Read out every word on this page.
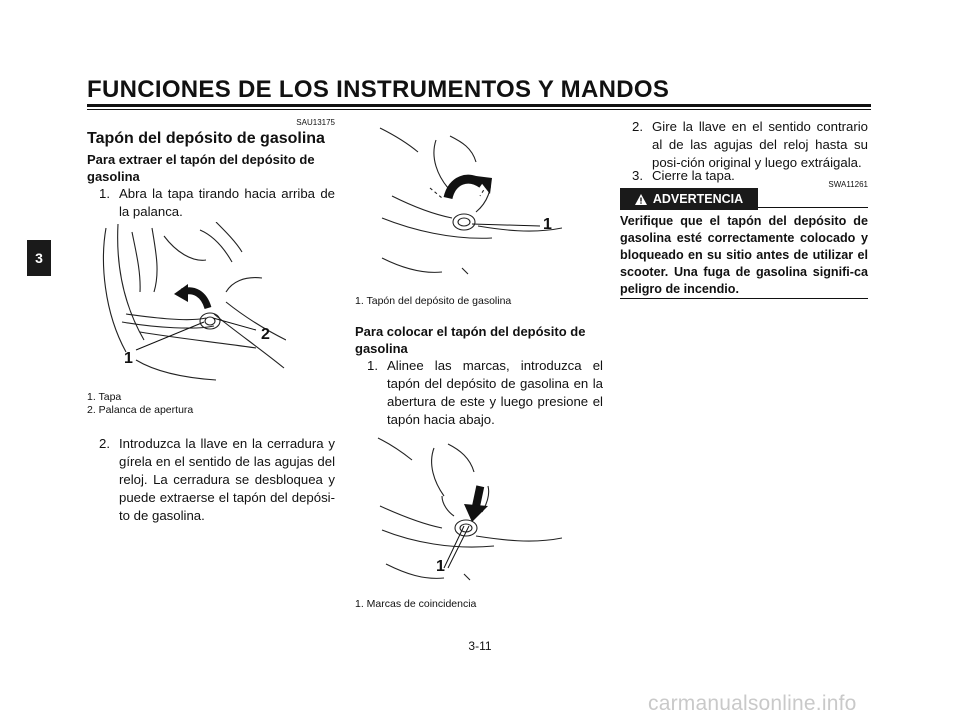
FUNCIONES DE LOS INSTRUMENTOS Y MANDOS
3
SAU13175
Tapón del depósito de gasolina
Para extraer el tapón del depósito de gasolina
1. Abra la tapa tirando hacia arriba de la palanca.
2
1
1. Tapa
2. Palanca de apertura
2. Introduzca la llave en la cerradura y gírela en el sentido de las agujas del reloj. La cerradura se desbloquea y puede extraerse el tapón del depósi-to de gasolina.
1
1. Tapón del depósito de gasolina
Para colocar el tapón del depósito de gasolina
1. Alinee las marcas, introduzca el tapón del depósito de gasolina en la abertura de este y luego presione el tapón hacia abajo.
1
1. Marcas de coincidencia
2. Gire la llave en el sentido contrario al de las agujas del reloj hasta su posi-ción original y luego extráigala.
3. Cierre la tapa.
SWA11261
ADVERTENCIA
Verifique que el tapón del depósito de gasolina esté correctamente colocado y bloqueado en su sitio antes de utilizar el scooter. Una fuga de gasolina signifi-ca peligro de incendio.
3-11
carmanualsonline.info
